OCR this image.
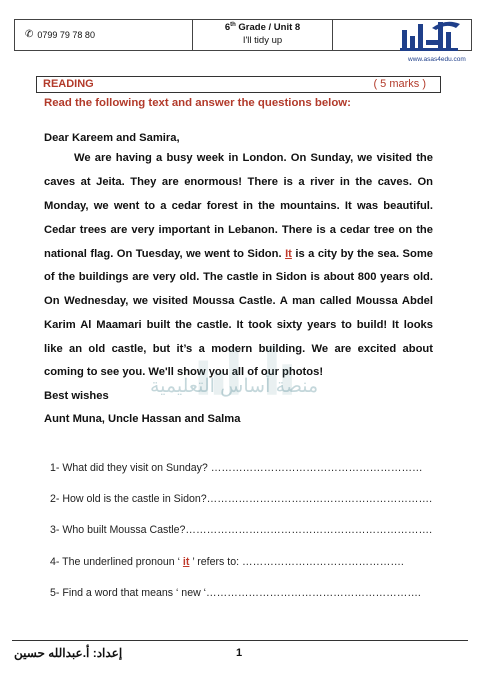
✆ 0799 79 78 80
6th Grade / Unit 8
I'll tidy up
www.asas4edu.com
READING	( 5 marks )
Read the following text and answer the questions below:
Dear Kareem and Samira,
We are having a busy week in London. On Sunday, we visited the
caves at Jeita. They are enormous! There is a river in the caves. On
Monday, we went to a cedar forest in the mountains. It was beautiful.
Cedar trees are very important in Lebanon. There is a cedar tree on the
national flag. On Tuesday, we went to Sidon. It is a city by the sea. Some
of the buildings are very old. The castle in Sidon is about 800 years old.
On Wednesday, we visited Moussa Castle. A man called Moussa Abdel
Karim Al Maamari built the castle. It took sixty years to build! It looks
like an old castle, but it’s a modern building. We are excited about
coming to see you. We'll show you all of our photos!
منصة أساس التعليمية
Best wishes
Aunt Muna, Uncle Hassan and Salma
1- What did they visit on Sunday? ……………………………………………………
2- How old is the castle in Sidon?……………………………………………………….
3- Who built Moussa Castle?…………………………………………………………….
4- The underlined pronoun ‘ it ’ refers to: ……………………………………….
5- Find a word that means ‘ new ‘…………………………………………………….
إعداد: أ.عبدالله حسين	1
